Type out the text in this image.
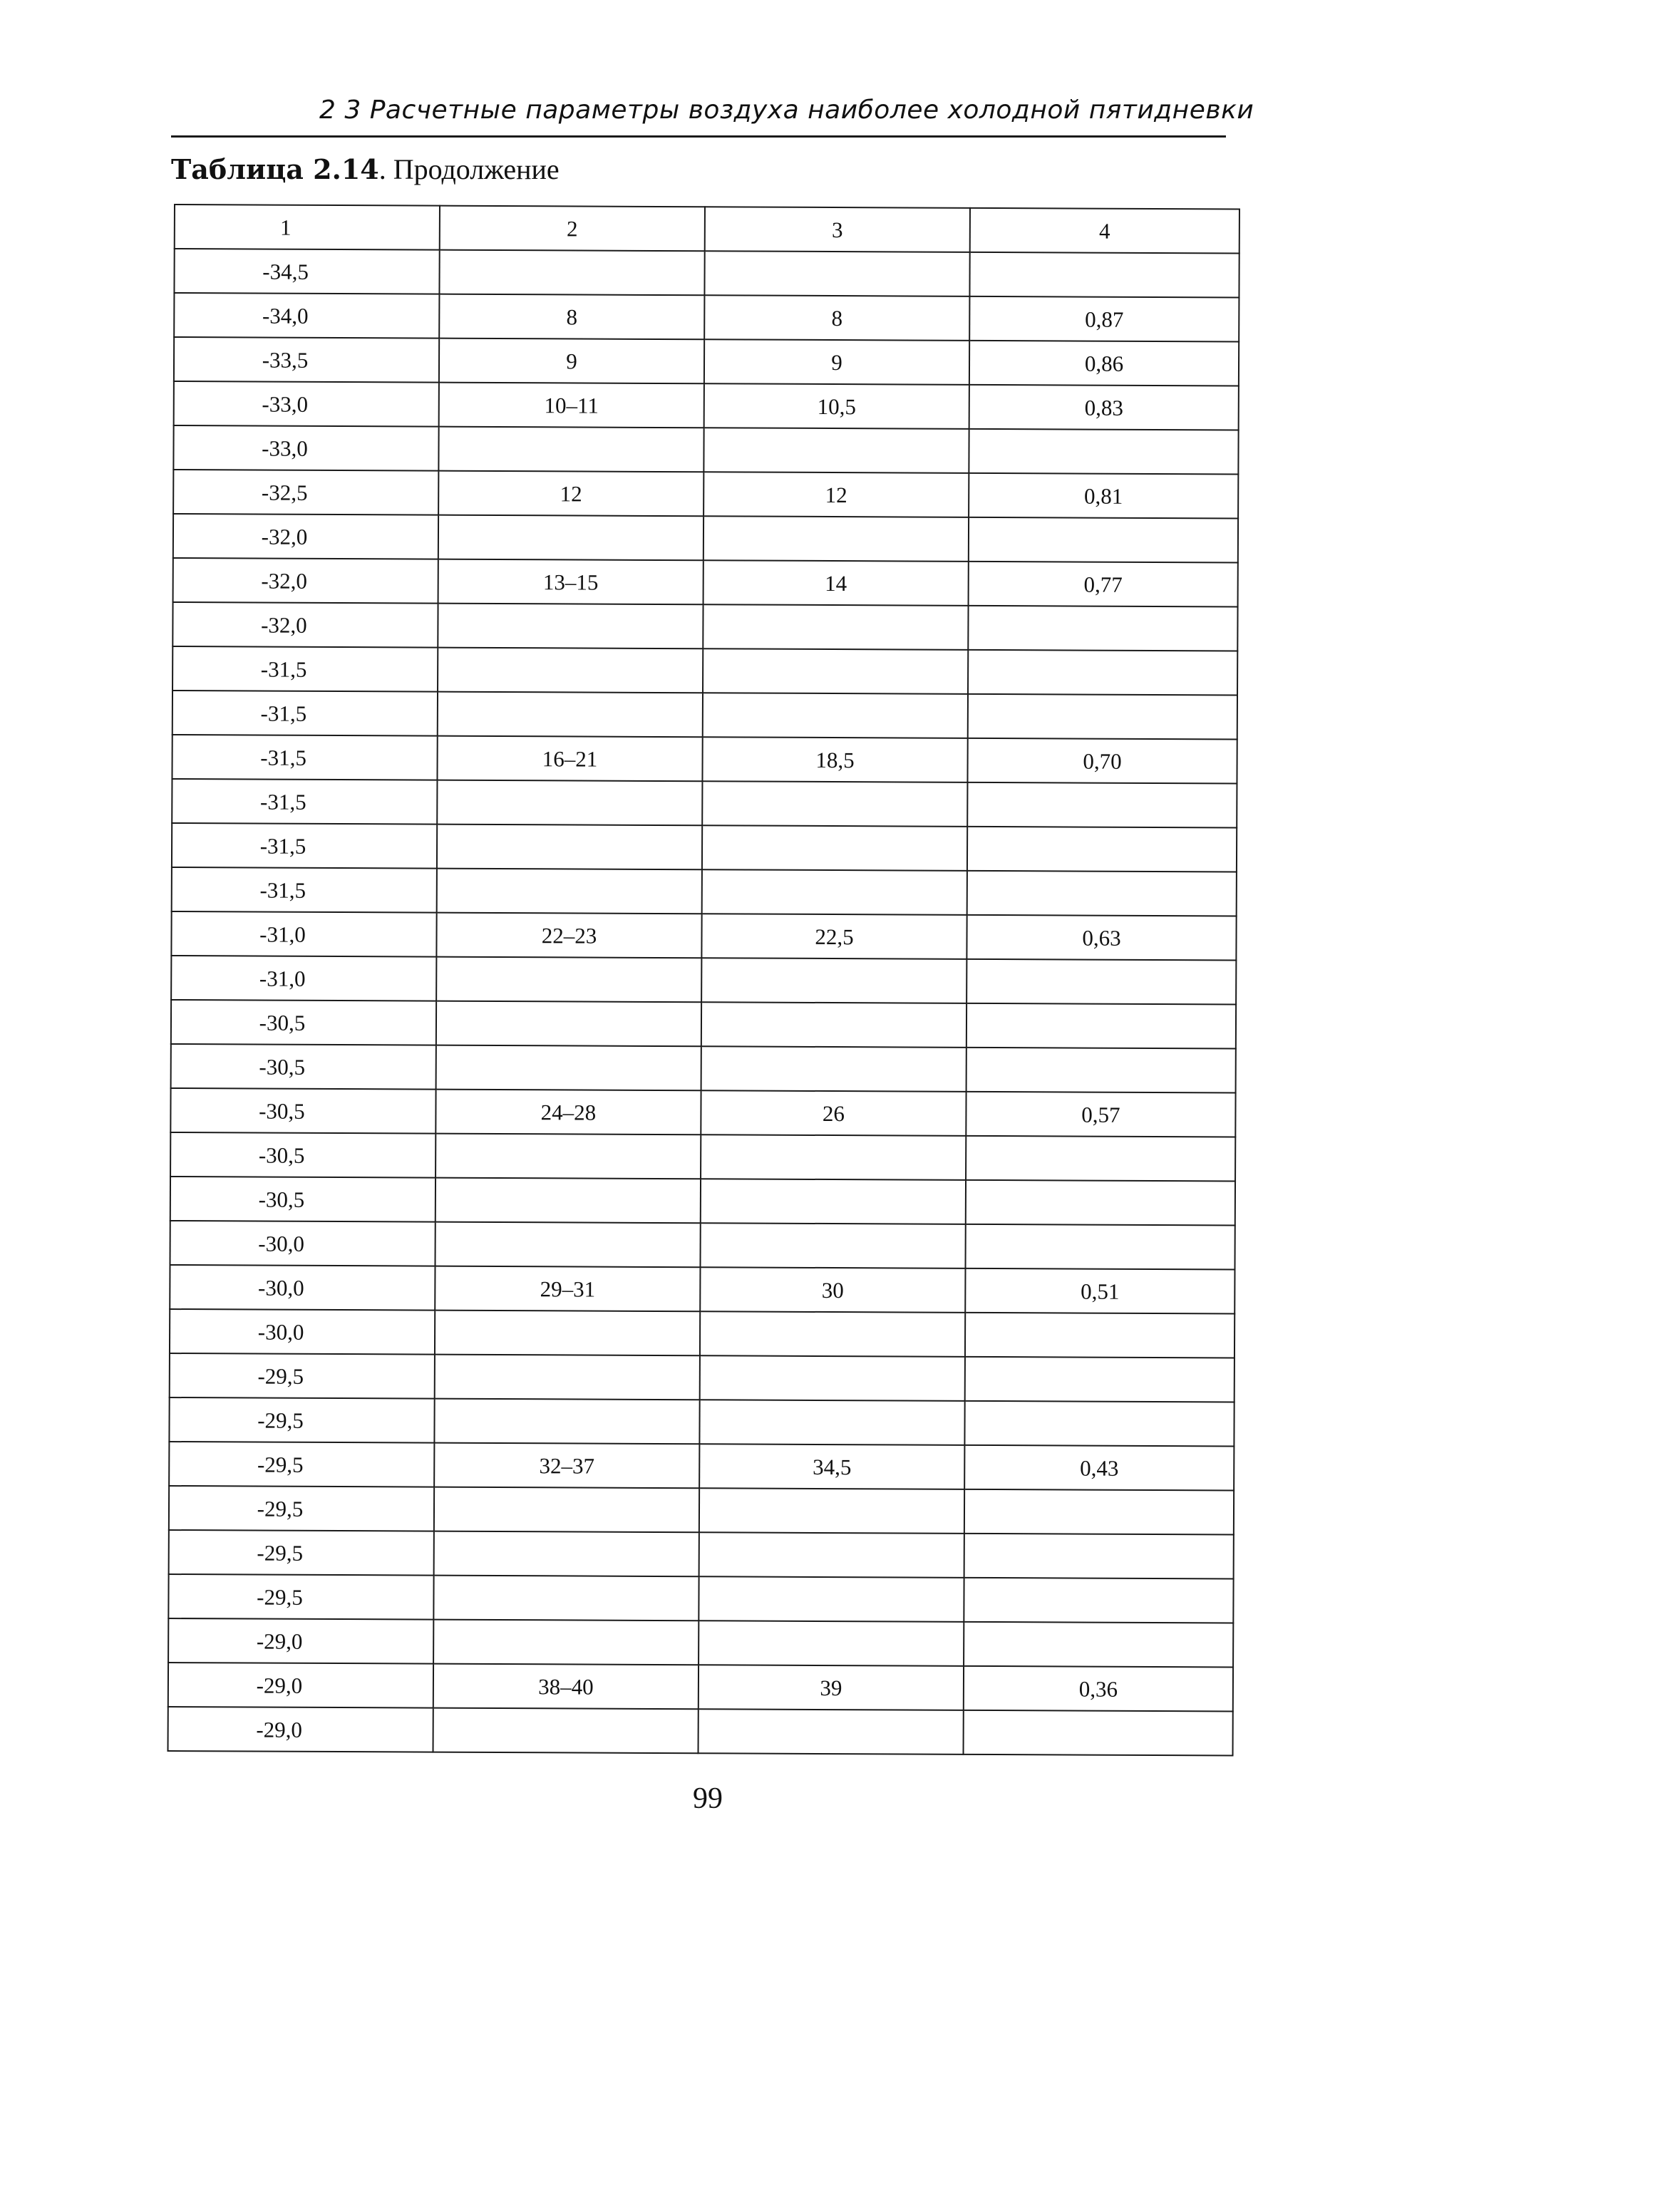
2 3 Расчетные параметры воздуха наиболее холодной пятидневки
Таблица 2.14. Продолжение
1	2	3	4
-34,5			
-34,0	8	8	0,87
-33,5	9	9	0,86
-33,0	10–11	10,5	0,83
-33,0			
-32,5	12	12	0,81
-32,0			
-32,0	13–15	14	0,77
-32,0			
-31,5			
-31,5			
-31,5	16–21	18,5	0,70
-31,5			
-31,5			
-31,5			
-31,0	22–23	22,5	0,63
-31,0			
-30,5			
-30,5			
-30,5	24–28	26	0,57
-30,5			
-30,5			
-30,0			
-30,0	29–31	30	0,51
-30,0			
-29,5			
-29,5			
-29,5	32–37	34,5	0,43
-29,5			
-29,5			
-29,5			
-29,0			
-29,0	38–40	39	0,36
-29,0			
99
